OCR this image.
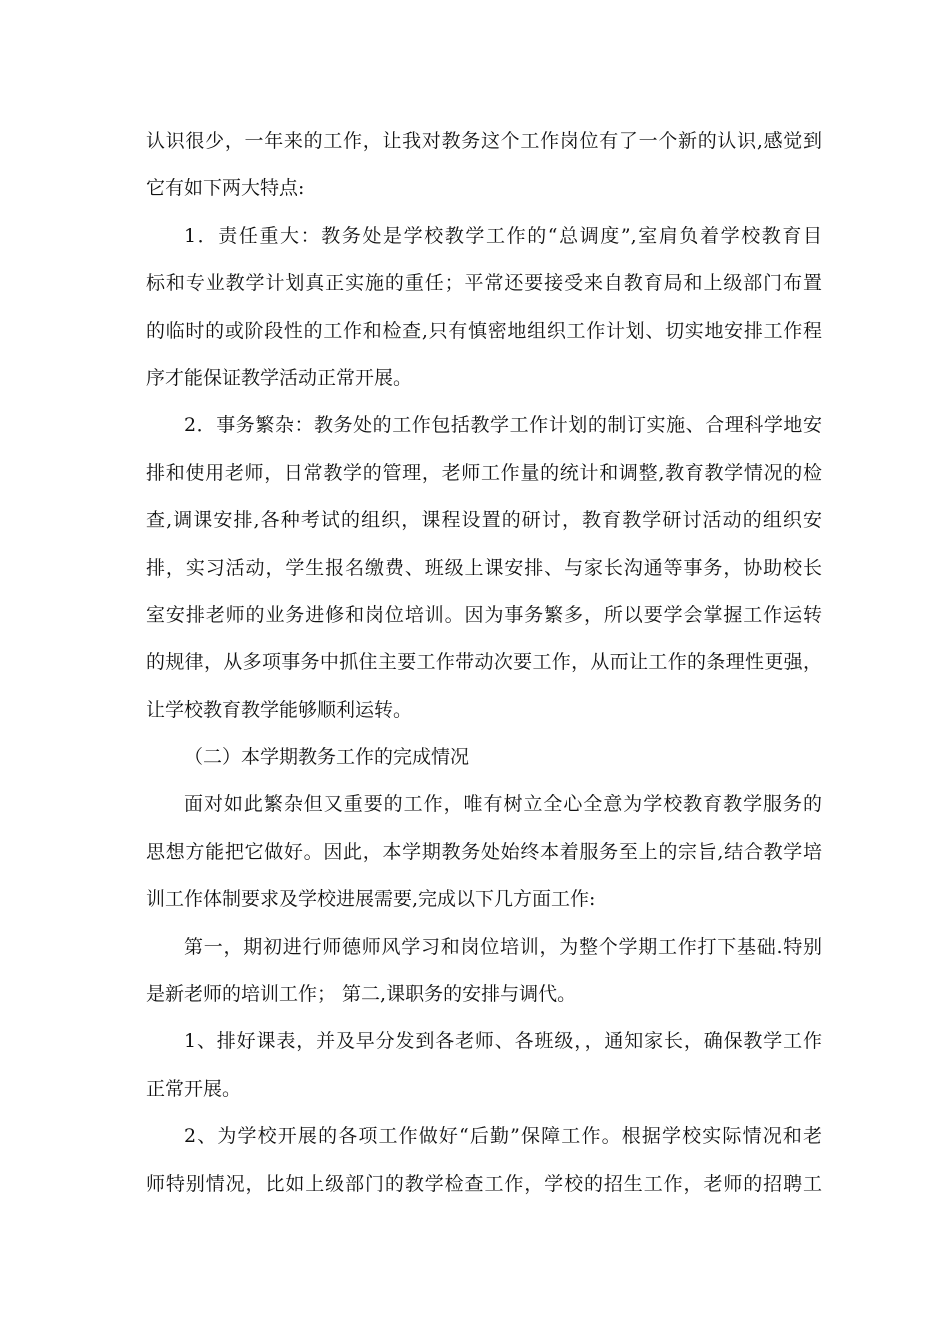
认识很少，一年来的工作，让我对教务这个工作岗位有了一个新的认识,感觉到

它有如下两大特点:

1．责任重大：教务处是学校教学工作的“总调度”,室肩负着学校教育目

标和专业教学计划真正实施的重任；平常还要接受来自教育局和上级部门布置

的临时的或阶段性的工作和检查,只有慎密地组织工作计划、切实地安排工作程

序才能保证教学活动正常开展。

2．事务繁杂：教务处的工作包括教学工作计划的制订实施、合理科学地安

排和使用老师，日常教学的管理，老师工作量的统计和调整,教育教学情况的检

查,调课安排,各种考试的组织，课程设置的研讨，教育教学研讨活动的组织安

排，实习活动，学生报名缴费、班级上课安排、与家长沟通等事务，协助校长

室安排老师的业务进修和岗位培训。因为事务繁多，所以要学会掌握工作运转

的规律，从多项事务中抓住主要工作带动次要工作，从而让工作的条理性更强，

让学校教育教学能够顺利运转。

（二）本学期教务工作的完成情况

面对如此繁杂但又重要的工作，唯有树立全心全意为学校教育教学服务的

思想方能把它做好。因此，本学期教务处始终本着服务至上的宗旨,结合教学培

训工作体制要求及学校进展需要,完成以下几方面工作:

第一，期初进行师德师风学习和岗位培训，为整个学期工作打下基础.特别

是新老师的培训工作； 第二,课职务的安排与调代。

1、排好课表，并及早分发到各老师、各班级，，通知家长，确保教学工作

正常开展。

2、为学校开展的各项工作做好“后勤”保障工作。根据学校实际情况和老

师特别情况，比如上级部门的教学检查工作，学校的招生工作，老师的招聘工
